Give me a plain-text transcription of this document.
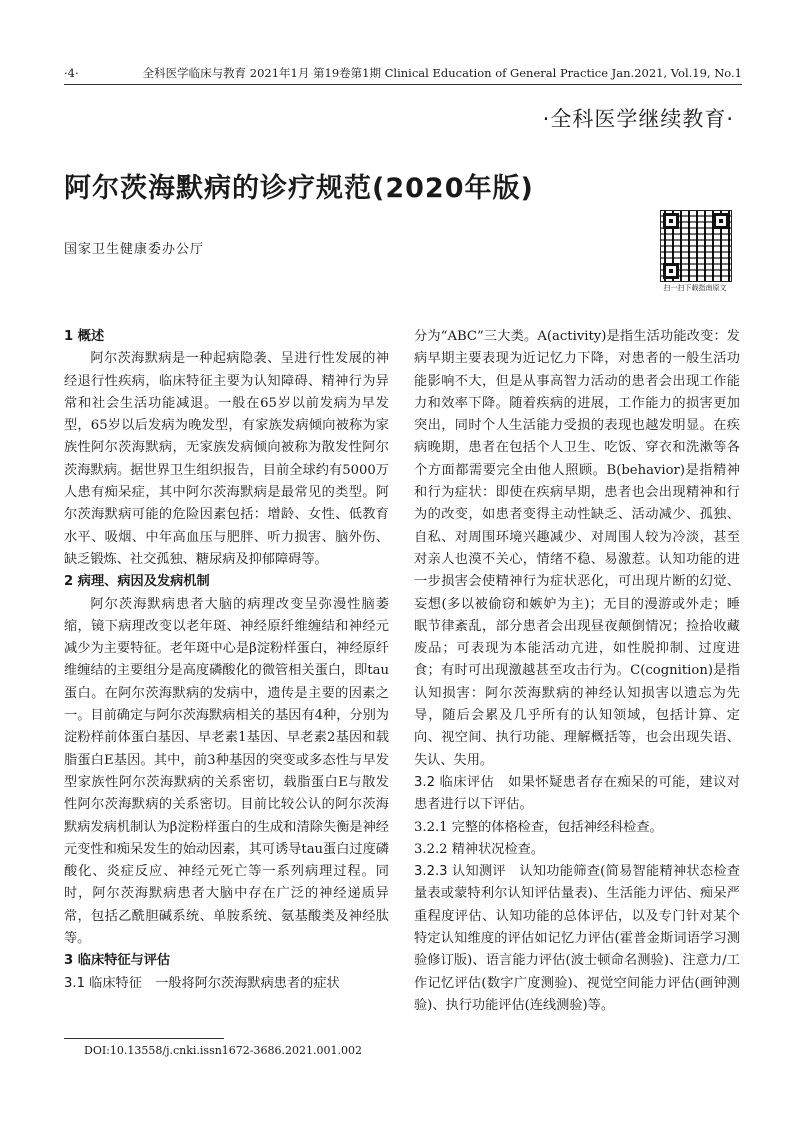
·4·	全科医学临床与教育 2021年1月 第19卷第1期 Clinical Education of General Practice Jan.2021, Vol.19, No.1
·全科医学继续教育·
阿尔茨海默病的诊疗规范(2020年版)
国家卫生健康委办公厅
扫一扫下载指南原文
1 概述

阿尔茨海默病是一种起病隐袭、呈进行性发展的神经退行性疾病，临床特征主要为认知障碍、精神行为异常和社会生活功能减退。一般在65岁以前发病为早发型，65岁以后发病为晚发型，有家族发病倾向被称为家族性阿尔茨海默病，无家族发病倾向被称为散发性阿尔茨海默病。据世界卫生组织报告，目前全球约有5000万人患有痴呆症，其中阿尔茨海默病是最常见的类型。阿尔茨海默病可能的危险因素包括：增龄、女性、低教育水平、吸烟、中年高血压与肥胖、听力损害、脑外伤、缺乏锻炼、社交孤独、糖尿病及抑郁障碍等。

2 病理、病因及发病机制

阿尔茨海默病患者大脑的病理改变呈弥漫性脑萎缩，镜下病理改变以老年斑、神经原纤维缠结和神经元减少为主要特征。老年斑中心是β淀粉样蛋白，神经原纤维缠结的主要组分是高度磷酸化的微管相关蛋白，即tau蛋白。在阿尔茨海默病的发病中，遗传是主要的因素之一。目前确定与阿尔茨海默病相关的基因有4种，分别为淀粉样前体蛋白基因、早老素1基因、早老素2基因和载脂蛋白E基因。其中，前3种基因的突变或多态性与早发型家族性阿尔茨海默病的关系密切，载脂蛋白E与散发性阿尔茨海默病的关系密切。目前比较公认的阿尔茨海默病发病机制认为β淀粉样蛋白的生成和清除失衡是神经元变性和痴呆发生的始动因素，其可诱导tau蛋白过度磷酸化、炎症反应、神经元死亡等一系列病理过程。同时，阿尔茨海默病患者大脑中存在广泛的神经递质异常，包括乙酰胆碱系统、单胺系统、氨基酸类及神经肽等。

3 临床特征与评估

3.1 临床特征　 一般将阿尔茨海默病患者的症状

分为“ABC”三大类。A(activity)是指生活功能改变：发病早期主要表现为近记忆力下降，对患者的一般生活功能影响不大，但是从事高智力活动的患者会出现工作能力和效率下降。随着疾病的进展，工作能力的损害更加突出，同时个人生活能力受损的表现也越发明显。在疾病晚期，患者在包括个人卫生、吃饭、穿衣和洗漱等各个方面都需要完全由他人照顾。B(behavior)是指精神和行为症状：即使在疾病早期，患者也会出现精神和行为的改变，如患者变得主动性缺乏、活动减少、孤独、自私、对周围环境兴趣减少、对周围人较为冷淡，甚至对亲人也漠不关心，情绪不稳、易激惹。认知功能的进一步损害会使精神行为症状恶化，可出现片断的幻觉、妄想(多以被偷窃和嫉妒为主)；无目的漫游或外走；睡眠节律紊乱，部分患者会出现昼夜颠倒情况；捡拾收藏废品；可表现为本能活动亢进，如性脱抑制、过度进食；有时可出现激越甚至攻击行为。C(cognition)是指认知损害：阿尔茨海默病的神经认知损害以遗忘为先导，随后会累及几乎所有的认知领域，包括计算、定向、视空间、执行功能、理解概括等，也会出现失语、失认、失用。

3.2 临床评估　 如果怀疑患者存在痴呆的可能，建议对患者进行以下评估。

3.2.1 完整的体格检查，包括神经科检查。

3.2.2 精神状况检查。

3.2.3 认知测评　 认知功能筛查(简易智能精神状态检查量表或蒙特利尔认知评估量表)、生活能力评估、痴呆严重程度评估、认知功能的总体评估，以及专门针对某个特定认知维度的评估如记忆力评估(霍普金斯词语学习测验修订版)、语言能力评估(波士顿命名测验)、注意力/工作记忆评估(数字广度测验)、视觉空间能力评估(画钟测验)、执行功能评估(连线测验)等。

DOI:10.13558/j.cnki.issn1672-3686.2021.001.002
